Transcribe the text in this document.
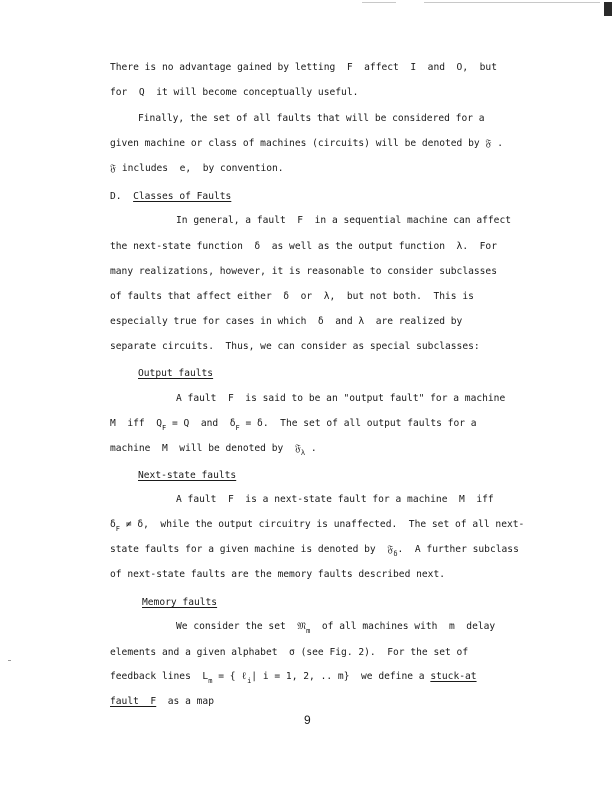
There is no advantage gained by letting  F  affect  I  and  O,  but
for  Q  it will become conceptually useful.
Finally, the set of all faults that will be considered for a
given machine or class of machines (circuits) will be denoted by 𝔉 .
𝔉 includes  e,  by convention.
D.  Classes of Faults
In general, a fault  F  in a sequential machine can affect
the next-state function  δ  as well as the output function  λ.  For
many realizations, however, it is reasonable to consider subclasses
of faults that affect either  δ  or  λ,  but not both.  This is
especially true for cases in which  δ  and λ  are realized by
separate circuits.  Thus, we can consider as special subclasses:
Output faults
A fault  F  is said to be an "output fault" for a machine
M  iff  $Q_F = Q$  and  $\delta_F = \delta$.  The set of all output faults for a
machine  M  will be denoted by  𝔉$_\lambda$ .
Next-state faults
A fault  F  is a next-state fault for a machine  M  iff
$\delta_F \ne \delta$,  while the output circuitry is unaffected.  The set of all next-
state faults for a given machine is denoted by  𝔉$_\delta$.  A further subclass
of next-state faults are the memory faults described next.
Memory faults
We consider the set  𝔐$_m$  of all machines with  m  delay
elements and a given alphabet  σ (see Fig. 2).  For the set of
feedback lines  $L_m$ = { ℓ$_i$| i = 1, 2, .. m}  we define a stuck-at
fault  F  as a map
9
